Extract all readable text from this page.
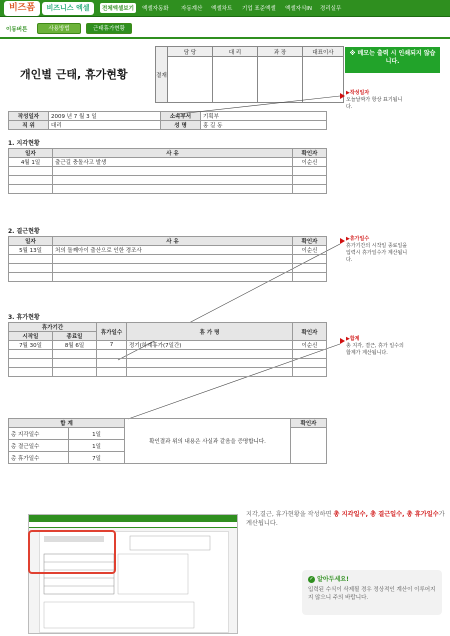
비즈폼	비즈니스 엑셀	전체엑셀보기	엑셀자동화 자동계산 엑셀차트 기업 표준엑셀 엑셀자식IN 경리실무
이동버튼	사용방법	근태휴가현황
개인별 근태, 휴가현황	결재	담 당	대 리	과 장	대표이사
				※ 메모는 출력 시 인쇄되지 않습니다.
작성일자	2009 년 7 월 3 일	소속부서	기획부
직 위	대리	성 명	홍 길 동
▶작성일자
오늘날짜가 항상 표기됩니다.
1. 지각현황
일자	사 유	확인자
4월 1일	출근길 충돌사고 발생	이순신

2. 결근현황
일자	사 유	확인자
5월 13일	처의 돌째아이 출산으로 인한 경조사	이순신

▶휴가일수
휴가기간의 시작일 종료일을 입력시 휴가일수가 계산됩니다.
3. 휴가현황
휴가기간		휴가일수	휴 가 명	확인자
시작일	종료일			
7월 30일	8월 6일	7	정기(하계휴가(7일간)	이순신

▶합계
총 지각, 결근, 휴가 일수의 합계가 계산됩니다.
합 계		확인결과 위의 내용은 사실과 같음을 증명합니다.	확인자
총 지각일수	1일		
총 결근일수	1일		
총 휴가일수	7일		
지각,결근, 휴가현황을 작성하면 총 지각일수, 총 결근일수, 총 휴가일수가 계산됩니다.
✓ 알아두세요!
입력된 수식이 삭제될 경우 정상적인 계산이 이루어지지 않으니 주의 바랍니다.
